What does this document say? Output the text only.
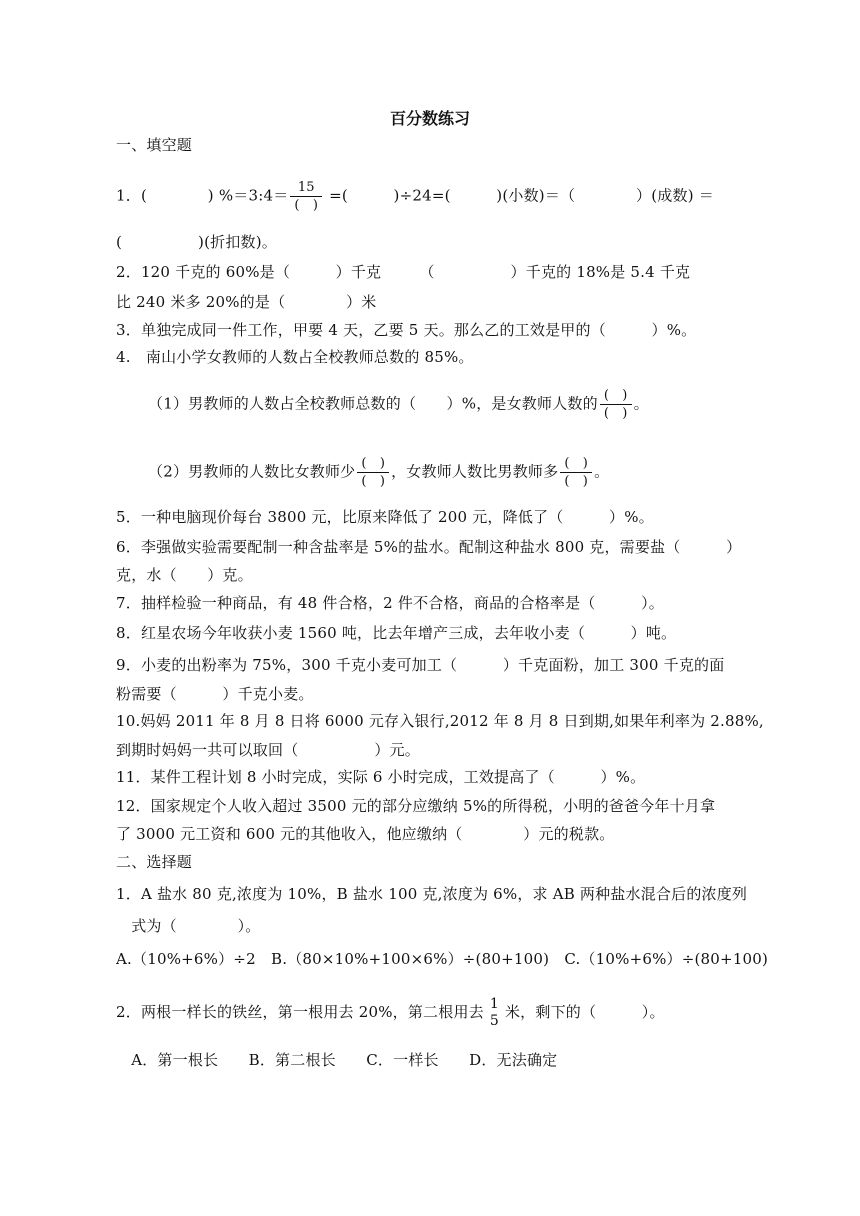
百分数练习
一、填空题
1．(　　　　) %＝3:4＝ $\frac{15}{( )}$ =(　　　)÷24=(　　　)(小数)＝（　　　　）(成数) ＝
(　　　　　)(折扣数)。
2．120 千克的 60%是（　　　）千克　　　（　　　　　）千克的 18%是 5.4 千克
比 240 米多 20%的是（　　　　）米
3．单独完成同一件工作，甲要 4 天，乙要 5 天。那么乙的工效是甲的（　　　）%。
4.　南山小学女教师的人数占全校教师总数的 85%。
（1）男教师的人数占全校教师总数的（　　）%，是女教师人数的 $\frac{( )}{( )}$ 。
（2）男教师的人数比女教师少 $\frac{( )}{( )}$ ，女教师人数比男教师多 $\frac{( )}{( )}$ 。
5．一种电脑现价每台 3800 元，比原来降低了 200 元，降低了（　　　）%。
6．李强做实验需要配制一种含盐率是 5%的盐水。配制这种盐水 800 克，需要盐（　　　）
克，水（　　）克。
7．抽样检验一种商品，有 48 件合格，2 件不合格，商品的合格率是（　　　）。
8．红星农场今年收获小麦 1560 吨，比去年增产三成，去年收小麦（　　　）吨。
9．小麦的出粉率为 75%，300 千克小麦可加工（　　　）千克面粉，加工 300 千克的面
粉需要（　　　）千克小麦。
10.妈妈 2011 年 8 月 8 日将 6000 元存入银行,2012 年 8 月 8 日到期,如果年利率为 2.88%,
到期时妈妈一共可以取回（　　　　　）元。
11．某件工程计划 8 小时完成，实际 6 小时完成，工效提高了（　　　）%。
12．国家规定个人收入超过 3500 元的部分应缴纳 5%的所得税，小明的爸爸今年十月拿
了 3000 元工资和 600 元的其他收入，他应缴纳（　　　　）元的税款。
二、选择题
1．A 盐水 80 克,浓度为 10%，B 盐水 100 克,浓度为 6%，求 AB 两种盐水混合后的浓度列
　式为（　　　　）。
A.（10%+6%）÷2　B.（80×10%+100×6%）÷(80+100)　C.（10%+6%）÷(80+100)
2．两根一样长的铁丝，第一根用去 20%，第二根用去 1
5 米，剩下的（　　　）。
　A．第一根长　　B．第二根长　　C．一样长　　D．无法确定
